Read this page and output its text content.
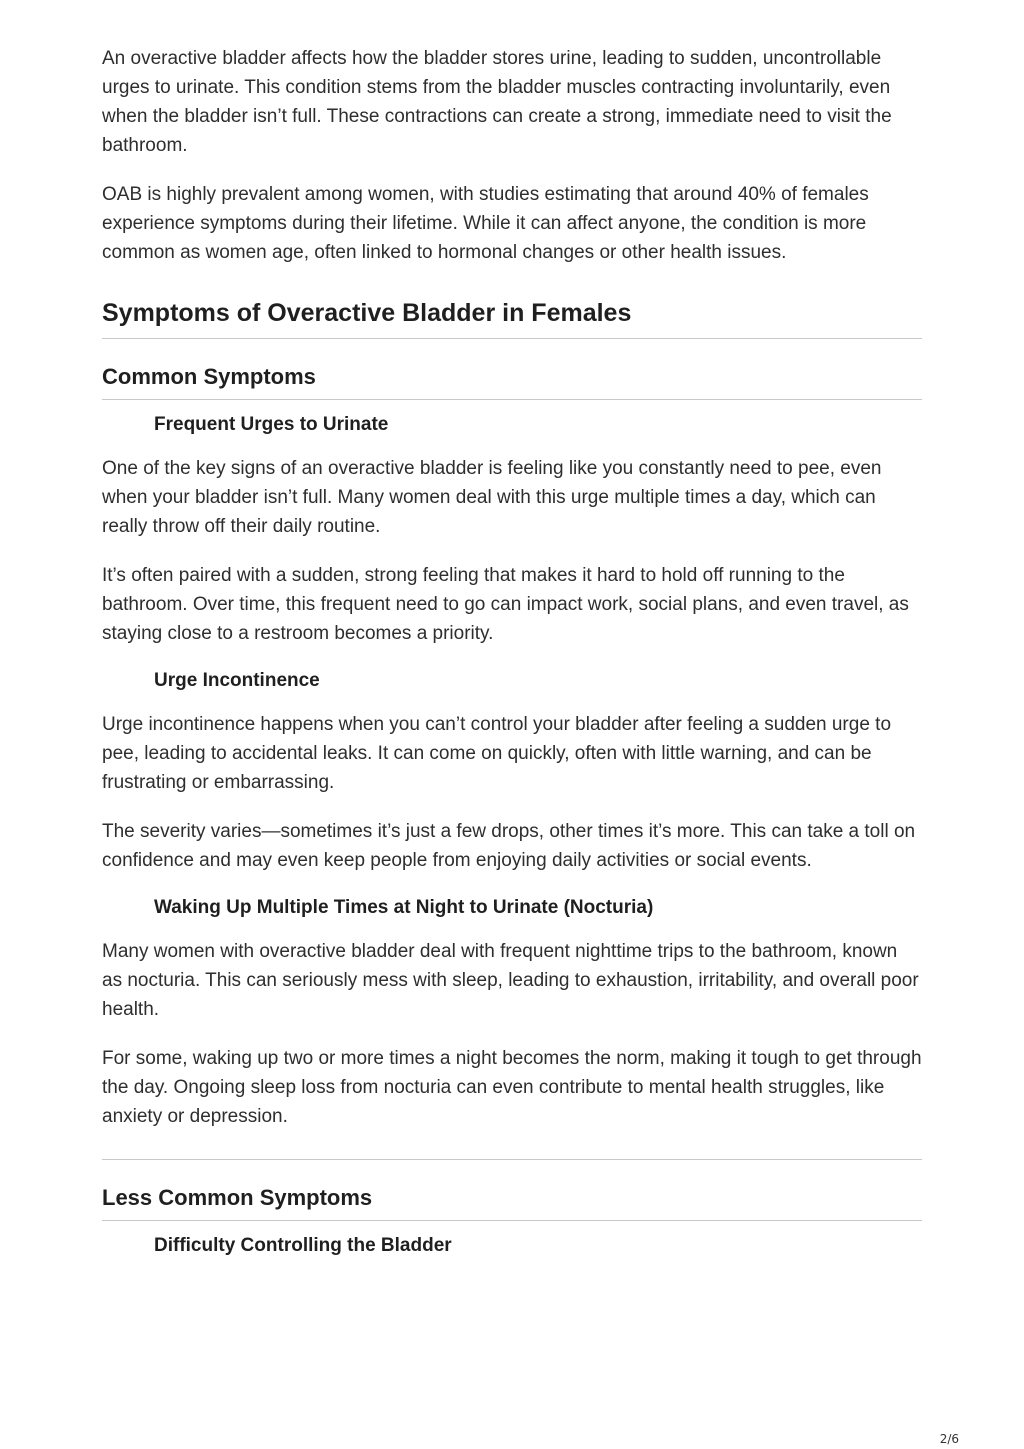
An overactive bladder affects how the bladder stores urine, leading to sudden, uncontrollable urges to urinate. This condition stems from the bladder muscles contracting involuntarily, even when the bladder isn’t full. These contractions can create a strong, immediate need to visit the bathroom.

OAB is highly prevalent among women, with studies estimating that around 40% of females experience symptoms during their lifetime. While it can affect anyone, the condition is more common as women age, often linked to hormonal changes or other health issues.

Symptoms of Overactive Bladder in Females
Common Symptoms
Frequent Urges to Urinate

One of the key signs of an overactive bladder is feeling like you constantly need to pee, even when your bladder isn’t full. Many women deal with this urge multiple times a day, which can really throw off their daily routine.

It’s often paired with a sudden, strong feeling that makes it hard to hold off running to the bathroom. Over time, this frequent need to go can impact work, social plans, and even travel, as staying close to a restroom becomes a priority.

Urge Incontinence

Urge incontinence happens when you can’t control your bladder after feeling a sudden urge to pee, leading to accidental leaks. It can come on quickly, often with little warning, and can be frustrating or embarrassing.

The severity varies—sometimes it’s just a few drops, other times it’s more. This can take a toll on confidence and may even keep people from enjoying daily activities or social events.

Waking Up Multiple Times at Night to Urinate (Nocturia)

Many women with overactive bladder deal with frequent nighttime trips to the bathroom, known as nocturia. This can seriously mess with sleep, leading to exhaustion, irritability, and overall poor health.

For some, waking up two or more times a night becomes the norm, making it tough to get through the day. Ongoing sleep loss from nocturia can even contribute to mental health struggles, like anxiety or depression.

Less Common Symptoms
Difficulty Controlling the Bladder
2/6
